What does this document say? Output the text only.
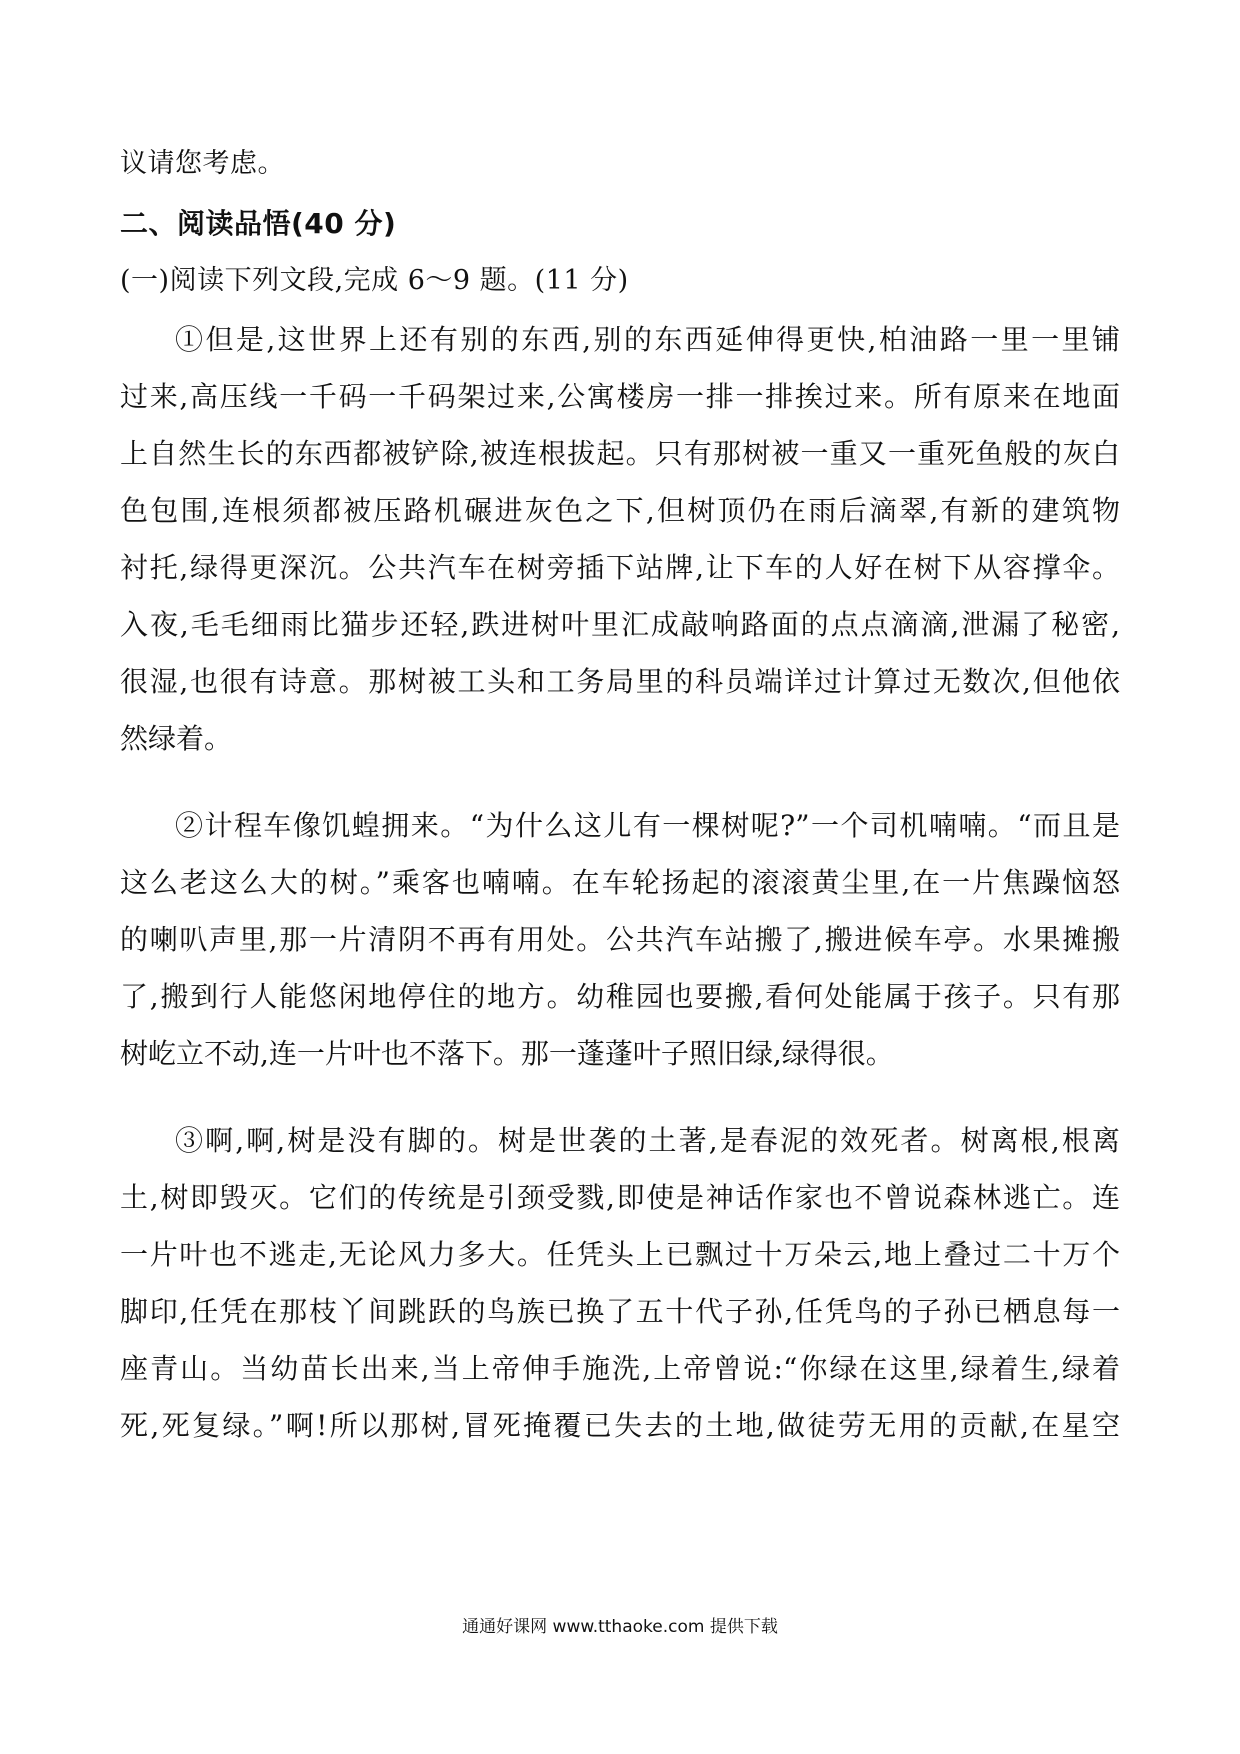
议请您考虑。
二、阅读品悟(40 分)
(一)阅读下列文段,完成 6～9 题。(11 分)
①但是,这世界上还有别的东西,别的东西延伸得更快,柏油路一里一里铺
过来,高压线一千码一千码架过来,公寓楼房一排一排挨过来。所有原来在地面
上自然生长的东西都被铲除,被连根拔起。只有那树被一重又一重死鱼般的灰白
色包围,连根须都被压路机碾进灰色之下,但树顶仍在雨后滴翠,有新的建筑物
衬托,绿得更深沉。公共汽车在树旁插下站牌,让下车的人好在树下从容撑伞。
入夜,毛毛细雨比猫步还轻,跌进树叶里汇成敲响路面的点点滴滴,泄漏了秘密,
很湿,也很有诗意。那树被工头和工务局里的科员端详过计算过无数次,但他依
然绿着。
②计程车像饥蝗拥来。“为什么这儿有一棵树呢?”一个司机喃喃。“而且是
这么老这么大的树。”乘客也喃喃。在车轮扬起的滚滚黄尘里,在一片焦躁恼怒
的喇叭声里,那一片清阴不再有用处。公共汽车站搬了,搬进候车亭。水果摊搬
了,搬到行人能悠闲地停住的地方。幼稚园也要搬,看何处能属于孩子。只有那
树屹立不动,连一片叶也不落下。那一蓬蓬叶子照旧绿,绿得很。
③啊,啊,树是没有脚的。树是世袭的土著,是春泥的效死者。树离根,根离
土,树即毁灭。它们的传统是引颈受戮,即使是神话作家也不曾说森林逃亡。连
一片叶也不逃走,无论风力多大。任凭头上已飘过十万朵云,地上叠过二十万个
脚印,任凭在那枝丫间跳跃的鸟族已换了五十代子孙,任凭鸟的子孙已栖息每一
座青山。当幼苗长出来,当上帝伸手施洗,上帝曾说:“你绿在这里,绿着生,绿着
死,死复绿。”啊!所以那树,冒死掩覆已失去的土地,做徒劳无用的贡献,在星空
通通好课网 www.tthaoke.com 提供下载
